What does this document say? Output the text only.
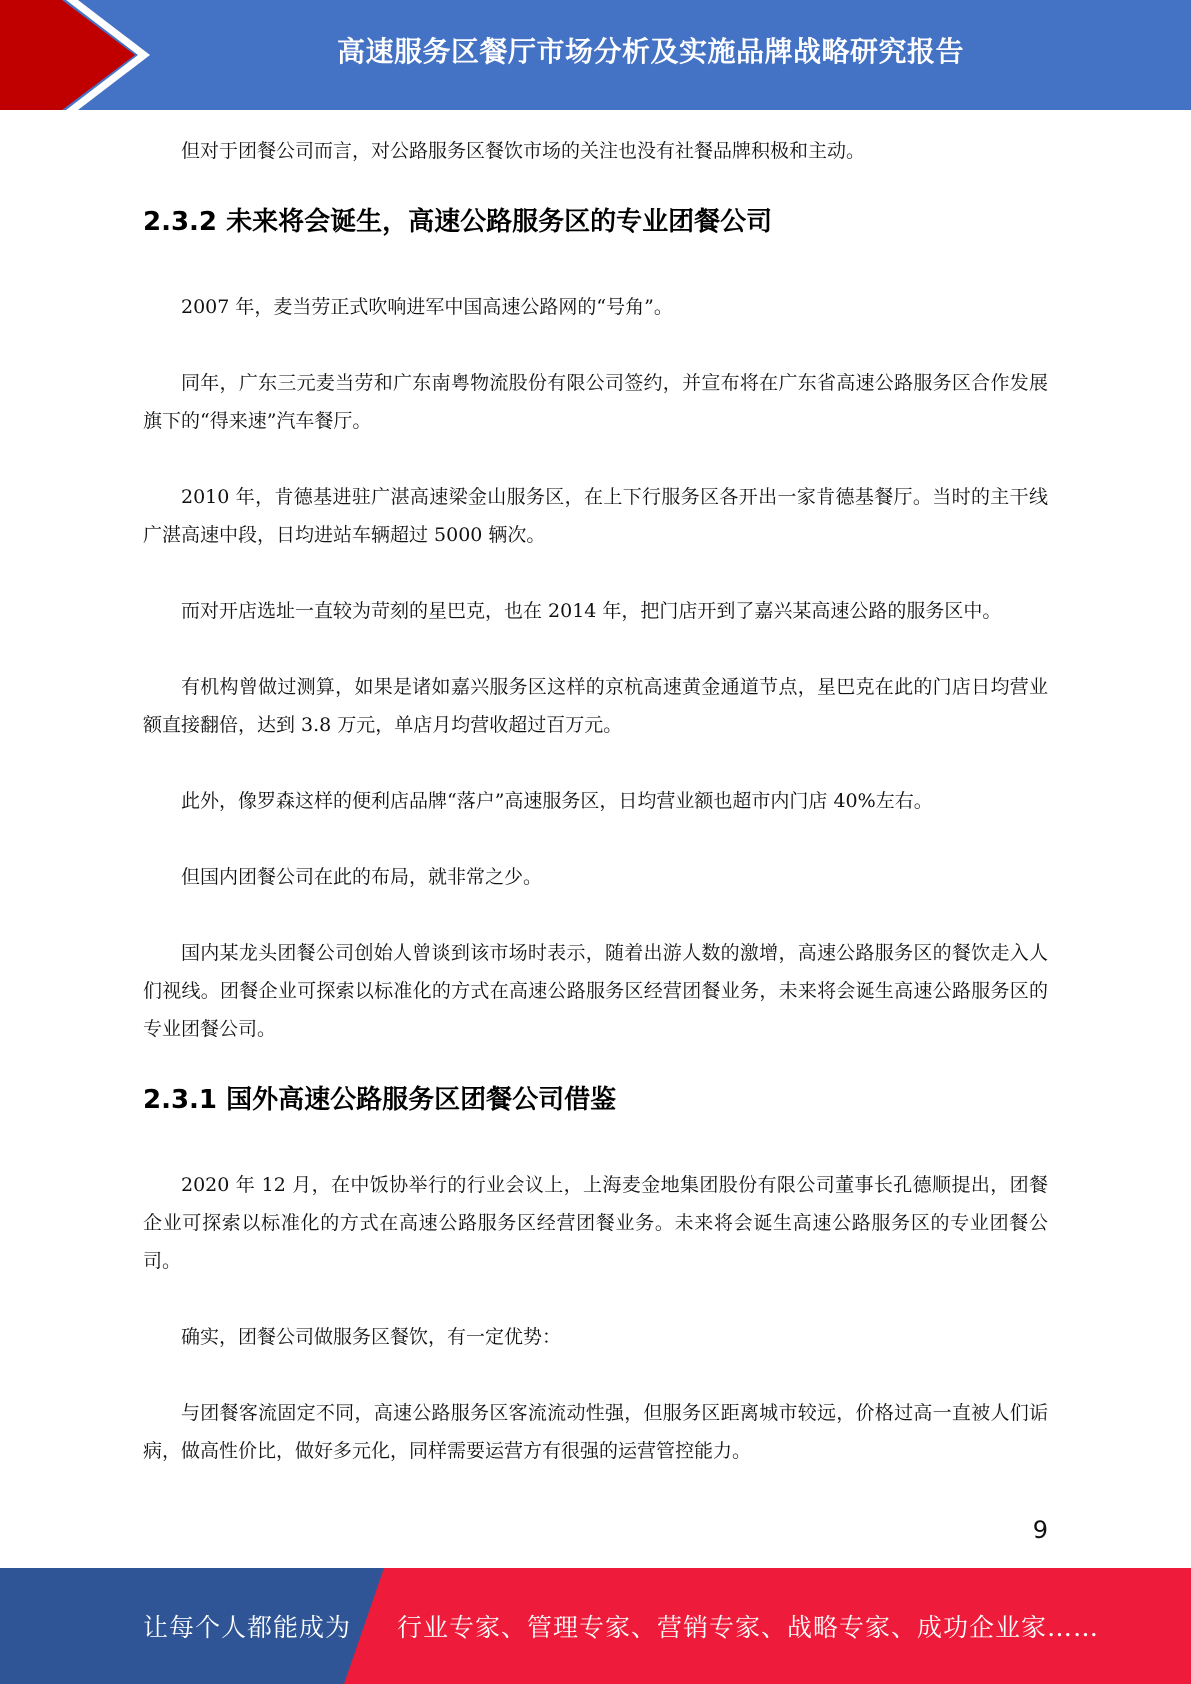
高速服务区餐厅市场分析及实施品牌战略研究报告

但对于团餐公司而言，对公路服务区餐饮市场的关注也没有社餐品牌积极和主动。

2.3.2 未来将会诞生，高速公路服务区的专业团餐公司

2007 年，麦当劳正式吹响进军中国高速公路网的“号角”。

同年，广东三元麦当劳和广东南粤物流股份有限公司签约，并宣布将在广东省高速公路服务区合作发展旗下的“得来速”汽车餐厅。

2010 年，肯德基进驻广湛高速梁金山服务区，在上下行服务区各开出一家肯德基餐厅。当时的主干线广湛高速中段，日均进站车辆超过 5000 辆次。

而对开店选址一直较为苛刻的星巴克，也在 2014 年，把门店开到了嘉兴某高速公路的服务区中。

有机构曾做过测算，如果是诸如嘉兴服务区这样的京杭高速黄金通道节点，星巴克在此的门店日均营业额直接翻倍，达到 3.8 万元，单店月均营收超过百万元。

此外，像罗森这样的便利店品牌“落户”高速服务区，日均营业额也超市内门店 40%左右。

但国内团餐公司在此的布局，就非常之少。

国内某龙头团餐公司创始人曾谈到该市场时表示，随着出游人数的激增，高速公路服务区的餐饮走入人们视线。团餐企业可探索以标准化的方式在高速公路服务区经营团餐业务，未来将会诞生高速公路服务区的专业团餐公司。

2.3.1 国外高速公路服务区团餐公司借鉴

2020 年 12 月，在中饭协举行的行业会议上，上海麦金地集团股份有限公司董事长孔德顺提出，团餐企业可探索以标准化的方式在高速公路服务区经营团餐业务。未来将会诞生高速公路服务区的专业团餐公司。

确实，团餐公司做服务区餐饮，有一定优势：

与团餐客流固定不同，高速公路服务区客流流动性强，但服务区距离城市较远，价格过高一直被人们诟病，做高性价比，做好多元化，同样需要运营方有很强的运营管控能力。

9
让每个人都能成为 行业专家、管理专家、营销专家、战略专家、成功企业家……
